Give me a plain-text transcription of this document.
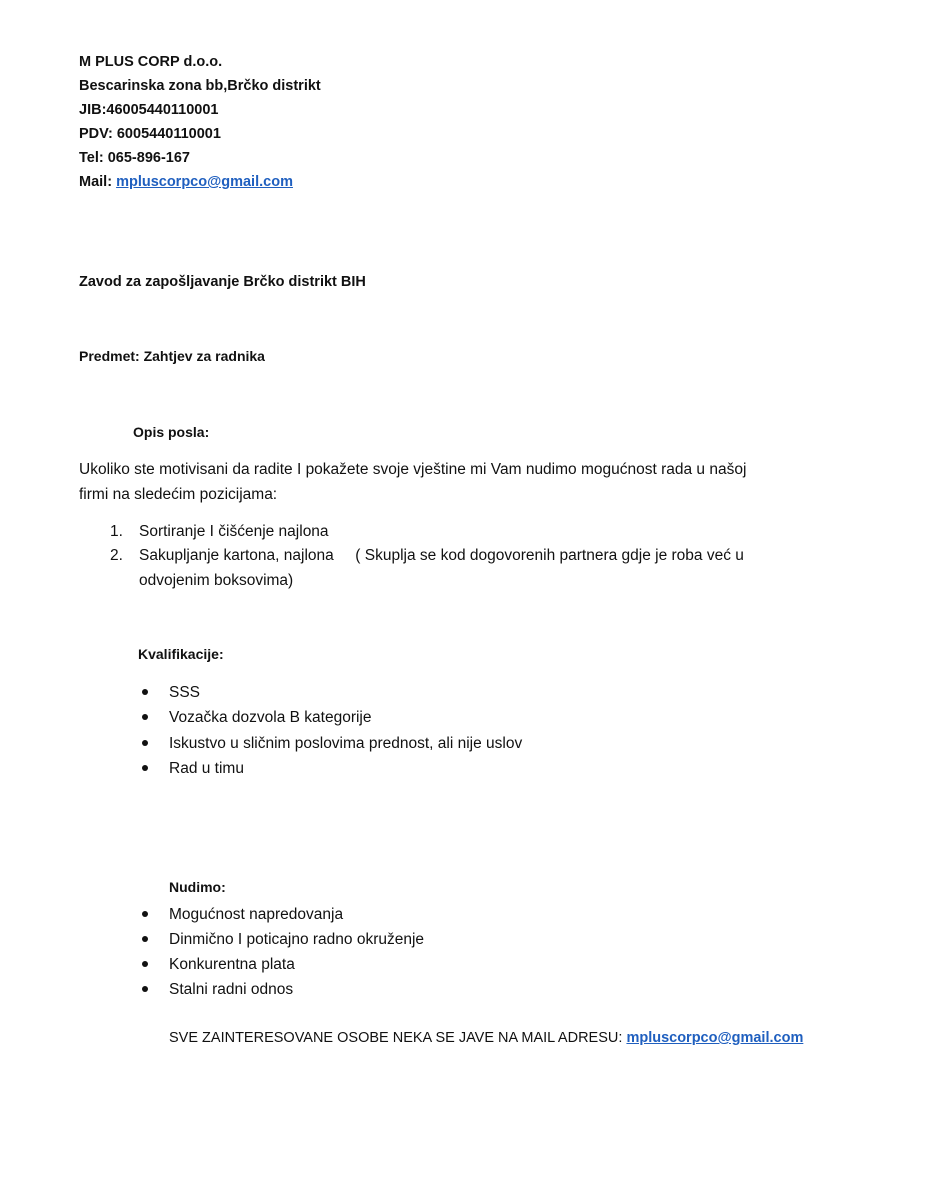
M PLUS CORP d.o.o.
Bescarinska zona bb,Brčko distrikt
JIB:46005440110001
PDV: 6005440110001
Tel: 065-896-167
Mail: mpluscorpco@gmail.com
Zavod za zapošljavanje Brčko distrikt BIH
Predmet: Zahtjev za radnika
Opis posla:
Ukoliko ste motivisani da radite I pokažete svoje vještine mi Vam nudimo mogućnost rada u našoj
firmi na sledećim pozicijama:
1. Sortiranje I čišćenje najlona
2. Sakupljanje kartona, najlona     ( Skuplja se kod dogovorenih partnera gdje je roba već u
odvojenim boksovima)
Kvalifikacije:
SSS
Vozačka dozvola B kategorije
Iskustvo u sličnim poslovima prednost, ali nije uslov
Rad u timu
Nudimo:
Mogućnost napredovanja
Dinmično I poticajno radno okruženje
Konkurentna plata
Stalni radni odnos
SVE ZAINTERESOVANE OSOBE NEKA SE JAVE NA MAIL ADRESU: mpluscorpco@gmail.com
